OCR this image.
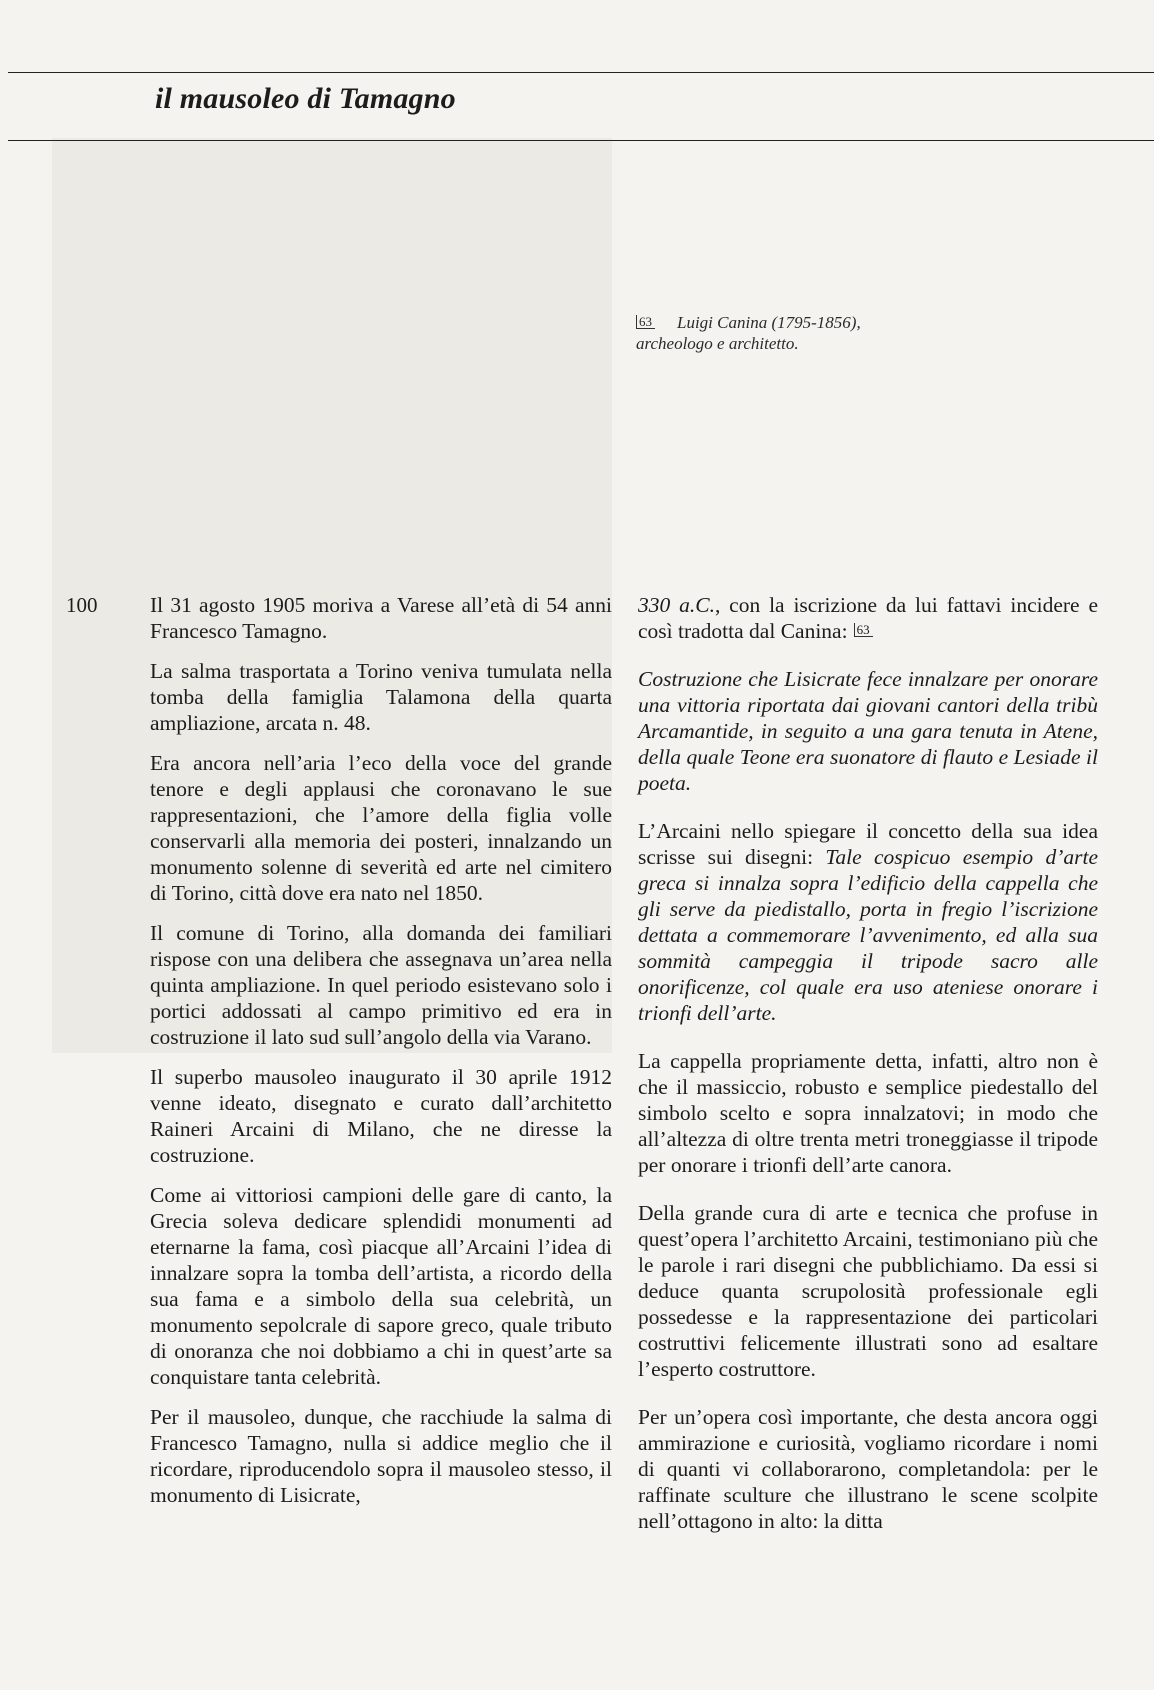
il mausoleo di Tamagno
63 Luigi Canina (1795-1856),
archeologo e architetto.
100 Il 31 agosto 1905 moriva a Varese all’età di 54 anni Francesco Tamagno.

La salma trasportata a Torino veniva tumulata nella tomba della famiglia Talamona della quarta ampliazione, arcata n. 48.

Era ancora nell’aria l’eco della voce del grande tenore e degli applausi che coronavano le sue rappresentazioni, che l’amore della figlia volle conservarli alla memoria dei posteri, innalzando un monumento solenne di severità ed arte nel cimitero di Torino, città dove era nato nel 1850.

Il comune di Torino, alla domanda dei familiari rispose con una delibera che assegnava un’area nella quinta ampliazione. In quel periodo esistevano solo i portici addossati al campo primitivo ed era in costruzione il lato sud sull’angolo della via Varano.

Il superbo mausoleo inaugurato il 30 aprile 1912 venne ideato, disegnato e curato dall’architetto Raineri Arcaini di Milano, che ne diresse la costruzione.

Come ai vittoriosi campioni delle gare di canto, la Grecia soleva dedicare splendidi monumenti ad eternarne la fama, così piacque all’Arcaini l’idea di innalzare sopra la tomba dell’artista, a ricordo della sua fama e a simbolo della sua celebrità, un monumento sepolcrale di sapore greco, quale tributo di onoranza che noi dobbiamo a chi in quest’arte sa conquistare tanta celebrità.

Per il mausoleo, dunque, che racchiude la salma di Francesco Tamagno, nulla si addice meglio che il ricordare, riproducendolo sopra il mausoleo stesso, il monumento di Lisicrate,

330 a.C., con la iscrizione da lui fattavi incidere e così tradotta dal Canina: 63

Costruzione che Lisicrate fece innalzare per onorare una vittoria riportata dai giovani cantori della tribù Arcamantide, in seguito a una gara tenuta in Atene, della quale Teone era suonatore di flauto e Lesiade il poeta.

L’Arcaini nello spiegare il concetto della sua idea scrisse sui disegni: Tale cospicuo esempio d’arte greca si innalza sopra l’edificio della cappella che gli serve da piedistallo, porta in fregio l’iscrizione dettata a commemorare l’avvenimento, ed alla sua sommità campeggia il tripode sacro alle onorificenze, col quale era uso ateniese onorare i trionfi dell’arte.

La cappella propriamente detta, infatti, altro non è che il massiccio, robusto e semplice piedestallo del simbolo scelto e sopra innalzatovi; in modo che all’altezza di oltre trenta metri troneggiasse il tripode per onorare i trionfi dell’arte canora.

Della grande cura di arte e tecnica che profuse in quest’opera l’architetto Arcaini, testimoniano più che le parole i rari disegni che pubblichiamo. Da essi si deduce quanta scrupolosità professionale egli possedesse e la rappresentazione dei particolari costruttivi felicemente illustrati sono ad esaltare l’esperto costruttore.

Per un’opera così importante, che desta ancora oggi ammirazione e curiosità, vogliamo ricordare i nomi di quanti vi collaborarono, completandola: per le raffinate sculture che illustrano le scene scolpite nell’ottagono in alto: la ditta
